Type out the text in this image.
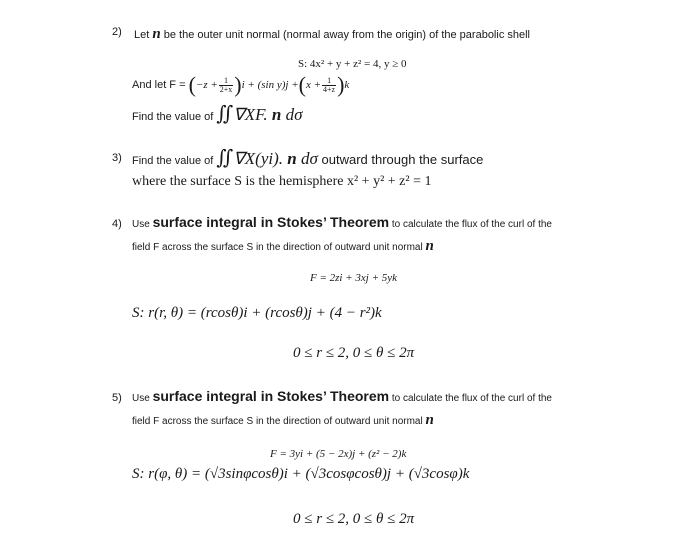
2) Let n be the outer unit normal (normal away from the origin) of the parabolic shell
S: 4x² + y + z² = 4, y ≥ 0
And let $F = (-z + \frac{1}{2+x} )i + (\sin$ $y)j +(x + \frac{1}{4+z} )k$
Find the value of ∬∇XF. n dσ
3) Find the value of ∬∇X(yi). n dσ outward through the surface
where the surface S is the hemisphere x² + y² + z² = 1
4) Use surface integral in Stokes’ Theorem to calculate the flux of the curl of the
field F across the surface S in the direction of outward unit normal n
F = 2zi + 3xj + 5yk
S: r(r, θ) = (rcosθ)i + (rcosθ)j + (4 − r²)k
0 ≤ r ≤ 2, 0 ≤ θ ≤ 2π
5) Use surface integral in Stokes’ Theorem to calculate the flux of the curl of the
field F across the surface S in the direction of outward unit normal n
F = 3yi + (5 − 2x)j + (z² − 2)k
S: r(φ, θ) = (√3sinφcosθ)i + (√3cosφcosθ)j + (√3cosφ)k
0 ≤ r ≤ 2, 0 ≤ θ ≤ 2π
